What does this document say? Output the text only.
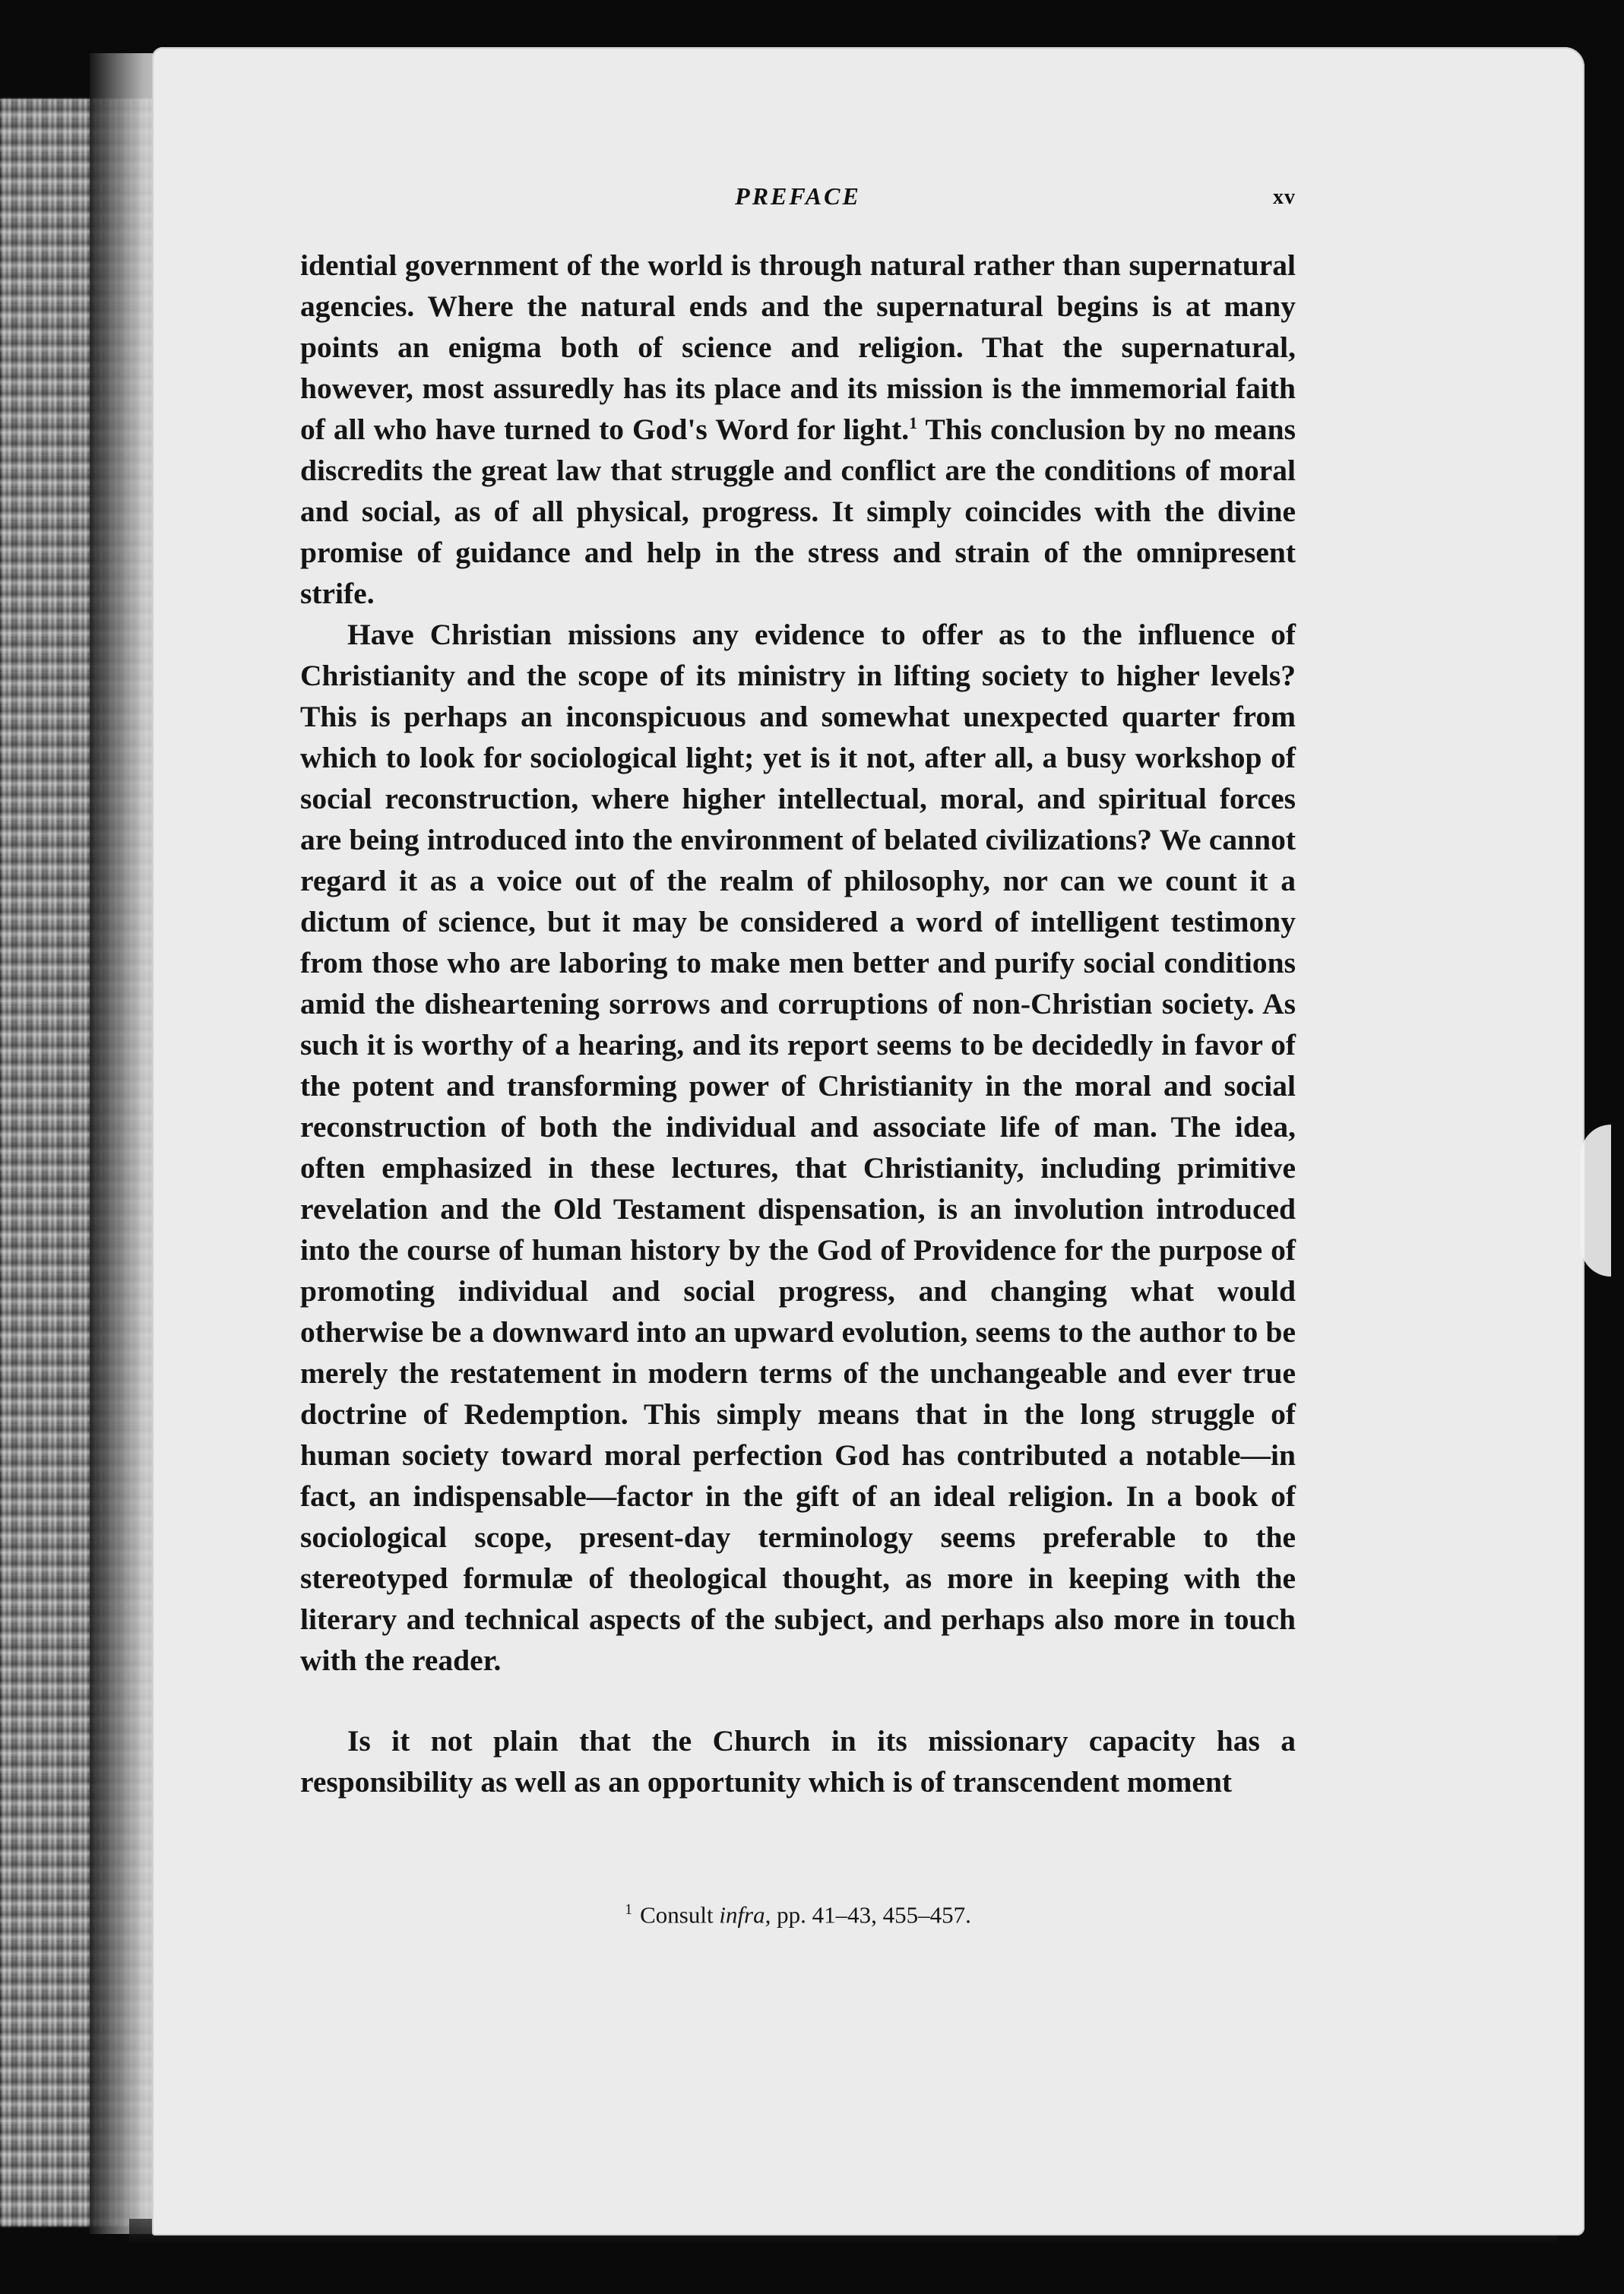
PREFACE	xv

idential government of the world is through natural rather than supernatural agencies. Where the natural ends and the supernatural begins is at many points an enigma both of science and religion. That the supernatural, however, most assuredly has its place and its mission is the immemorial faith of all who have turned to God's Word for light.$^1$ This conclusion by no means discredits the great law that struggle and conflict are the conditions of moral and social, as of all physical, progress. It simply coincides with the divine promise of guidance and help in the stress and strain of the omnipresent strife.

Have Christian missions any evidence to offer as to the influence of Christianity and the scope of its ministry in lifting society to higher levels? This is perhaps an inconspicuous and somewhat unexpected quarter from which to look for sociological light; yet is it not, after all, a busy workshop of social reconstruction, where higher intellectual, moral, and spiritual forces are being introduced into the environment of belated civilizations? We cannot regard it as a voice out of the realm of philosophy, nor can we count it a dictum of science, but it may be considered a word of intelligent testimony from those who are laboring to make men better and purify social conditions amid the disheartening sorrows and corruptions of non-Christian society. As such it is worthy of a hearing, and its report seems to be decidedly in favor of the potent and transforming power of Christianity in the moral and social reconstruction of both the individual and associate life of man. The idea, often emphasized in these lectures, that Christianity, including primitive revelation and the Old Testament dispensation, is an involution introduced into the course of human history by the God of Providence for the purpose of promoting individual and social progress, and changing what would otherwise be a downward into an upward evolution, seems to the author to be merely the restatement in modern terms of the unchangeable and ever true doctrine of Redemption. This simply means that in the long struggle of human society toward moral perfection God has contributed a notable—in fact, an indispensable—factor in the gift of an ideal religion. In a book of sociological scope, present-day terminology seems preferable to the stereotyped formulæ of theological thought, as more in keeping with the literary and technical aspects of the subject, and perhaps also more in touch with the reader.

Is it not plain that the Church in its missionary capacity has a responsibility as well as an opportunity which is of transcendent moment

$^1$ Consult infra, pp. 41–43, 455–457.
